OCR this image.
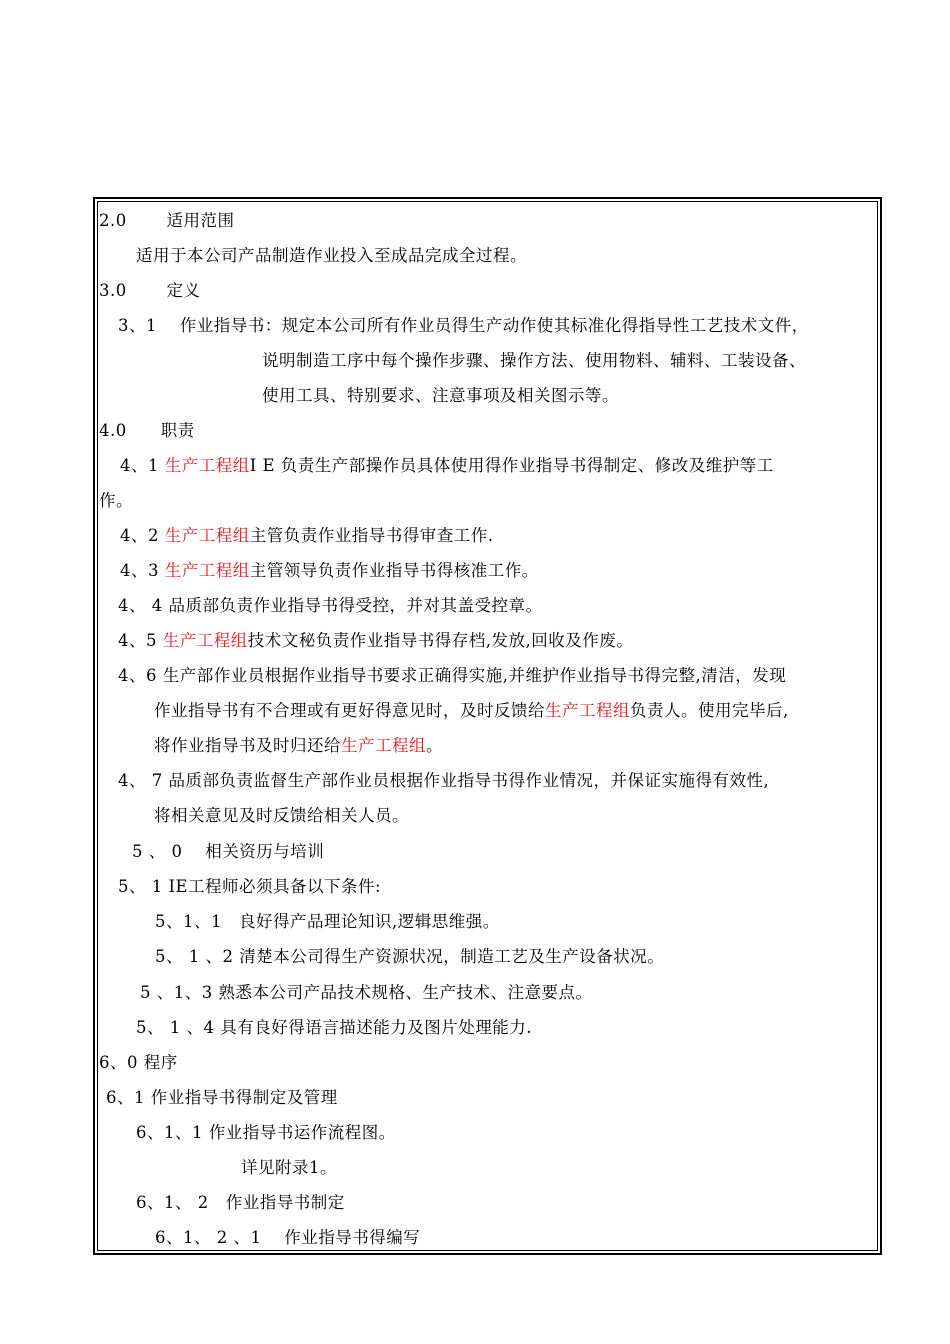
2.0　　 适用范围
适用于本公司产品制造作业投入至成品完成全过程。
3.0　　 定义
3、1　 作业指导书：规定本公司所有作业员得生产动作使其标准化得指导性工艺技术文件，
说明制造工序中每个操作步骤、操作方法、使用物料、辅料、工装设备、
使用工具、特别要求、注意事项及相关图示等。
4.0　　职责
4、1 生产工程组I E 负责生产部操作员具体使用得作业指导书得制定、修改及维护等工
作。
4、2 生产工程组主管负责作业指导书得审查工作.
4、3 生产工程组主管领导负责作业指导书得核准工作。
4、 4 品质部负责作业指导书得受控，并对其盖受控章。
4、5 生产工程组技术文秘负责作业指导书得存档,发放,回收及作废。
4、6 生产部作业员根据作业指导书要求正确得实施,并维护作业指导书得完整,清洁，发现
作业指导书有不合理或有更好得意见时，及时反馈给生产工程组负责人。使用完毕后,
将作业指导书及时归还给生产工程组。
4、 7 品质部负责监督生产部作业员根据作业指导书得作业情况，并保证实施得有效性,
将相关意见及时反馈给相关人员。
5 、 0　 相关资历与培训
5、 1 IE工程师必须具备以下条件:
5、1、1　良好得产品理论知识,逻辑思维强。
5、 1 、2 清楚本公司得生产资源状况，制造工艺及生产设备状况。
5 、1、3 熟悉本公司产品技术规格、生产技术、注意要点。
5、 1 、4 具有良好得语言描述能力及图片处理能力.
6、0 程序
6、1 作业指导书得制定及管理
6、1、1 作业指导书运作流程图。
详见附录1。
6、1、 2　作业指导书制定
6、1、 2 、1　 作业指导书得编写
